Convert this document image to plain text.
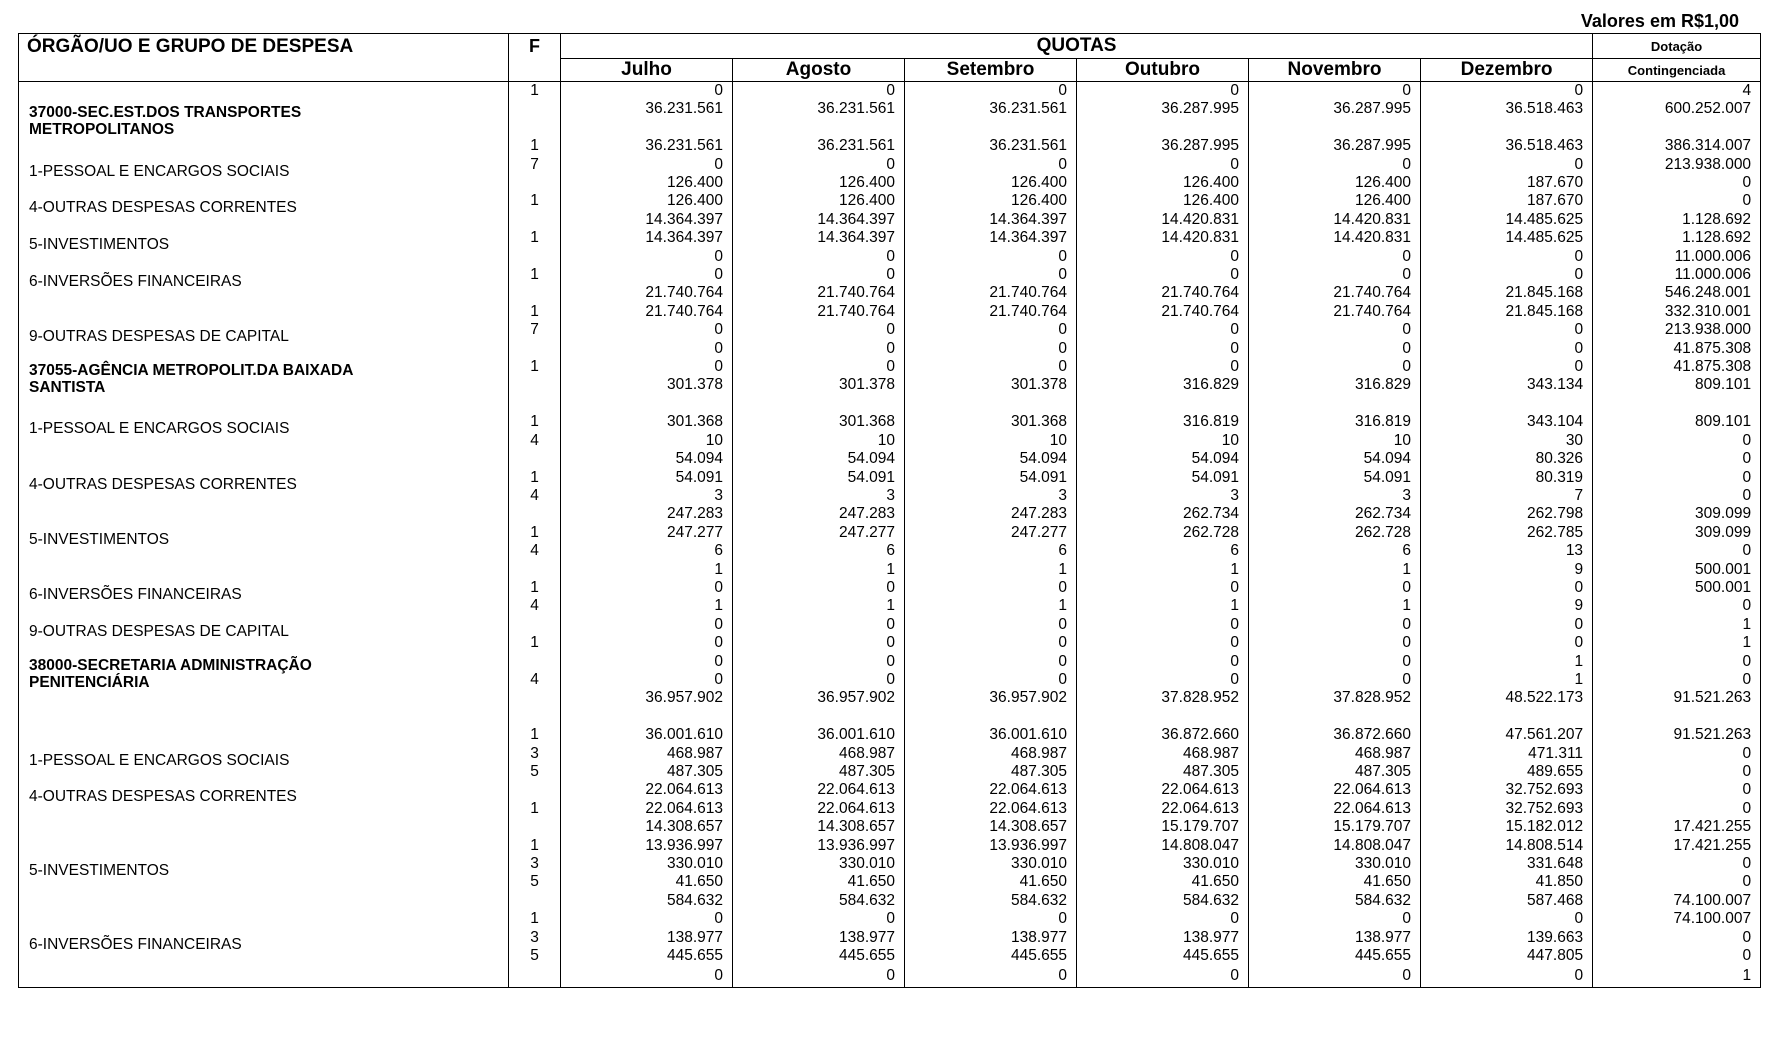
Valores em R$1,00
ÓRGÃO/UO E GRUPO DE DESPESA	F	QUOTAS						Dotação
		Julho	Agosto	Setembro	Outubro	Novembro	Dezembro	Contingenciada
	1	0	0	0	0	0	0	4

37000-SEC.EST.DOS TRANSPORTES METROPOLITANOS		36.231.561	36.231.561	36.231.561	36.287.995	36.287.995	36.518.463	600.252.007

	1	36.231.561	36.231.561	36.231.561	36.287.995	36.287.995	36.518.463	386.314.007

1-PESSOAL E ENCARGOS SOCIAIS	7	0	0	0	0	0	0	213.938.000
		126.400	126.400	126.400	126.400	126.400	187.670	0

4-OUTRAS DESPESAS CORRENTES	1	126.400	126.400	126.400	126.400	126.400	187.670	0
		14.364.397	14.364.397	14.364.397	14.420.831	14.420.831	14.485.625	1.128.692

5-INVESTIMENTOS	1	14.364.397	14.364.397	14.364.397	14.420.831	14.420.831	14.485.625	1.128.692
		0	0	0	0	0	0	11.000.006

6-INVERSÕES FINANCEIRAS	1	0	0	0	0	0	0	11.000.006
		21.740.764	21.740.764	21.740.764	21.740.764	21.740.764	21.845.168	546.248.001
	1	21.740.764	21.740.764	21.740.764	21.740.764	21.740.764	21.845.168	332.310.001

9-OUTRAS DESPESAS DE CAPITAL	7	0	0	0	0	0	0	213.938.000
		0	0	0	0	0	0	41.875.308

37055-AGÊNCIA METROPOLIT.DA BAIXADA SANTISTA	1	0	0	0	0	0	0	41.875.308
		301.378	301.378	301.378	316.829	316.829	343.134	809.101

1-PESSOAL E ENCARGOS SOCIAIS	1	301.368	301.368	301.368	316.819	316.819	343.104	809.101
	4	10	10	10	10	10	30	0
		54.094	54.094	54.094	54.094	54.094	80.326	0

4-OUTRAS DESPESAS CORRENTES	1	54.091	54.091	54.091	54.091	54.091	80.319	0
	4	3	3	3	3	3	7	0
		247.283	247.283	247.283	262.734	262.734	262.798	309.099

5-INVESTIMENTOS	1	247.277	247.277	247.277	262.728	262.728	262.785	309.099
	4	6	6	6	6	6	13	0
		1	1	1	1	1	9	500.001

6-INVERSÕES FINANCEIRAS	1	0	0	0	0	0	0	500.001
	4	1	1	1	1	1	9	0

9-OUTRAS DESPESAS DE CAPITAL		0	0	0	0	0	0	1
	1	0	0	0	0	0	0	1

38000-SECRETARIA ADMINISTRAÇÃO PENITENCIÁRIA		0	0	0	0	0	1	0
	4	0	0	0	0	0	1	0
		36.957.902	36.957.902	36.957.902	37.828.952	37.828.952	48.522.173	91.521.263

	1	36.001.610	36.001.610	36.001.610	36.872.660	36.872.660	47.561.207	91.521.263

1-PESSOAL E ENCARGOS SOCIAIS	3	468.987	468.987	468.987	468.987	468.987	471.311	0
	5	487.305	487.305	487.305	487.305	487.305	489.655	0

4-OUTRAS DESPESAS CORRENTES		22.064.613	22.064.613	22.064.613	22.064.613	22.064.613	32.752.693	0
	1	22.064.613	22.064.613	22.064.613	22.064.613	22.064.613	32.752.693	0
		14.308.657	14.308.657	14.308.657	15.179.707	15.179.707	15.182.012	17.421.255
	1	13.936.997	13.936.997	13.936.997	14.808.047	14.808.047	14.808.514	17.421.255

5-INVESTIMENTOS	3	330.010	330.010	330.010	330.010	330.010	331.648	0
	5	41.650	41.650	41.650	41.650	41.650	41.850	0
		584.632	584.632	584.632	584.632	584.632	587.468	74.100.007
	1	0	0	0	0	0	0	74.100.007

6-INVERSÕES FINANCEIRAS	3	138.977	138.977	138.977	138.977	138.977	139.663	0
	5	445.655	445.655	445.655	445.655	445.655	447.805	0
		0	0	0	0	0	0	1
